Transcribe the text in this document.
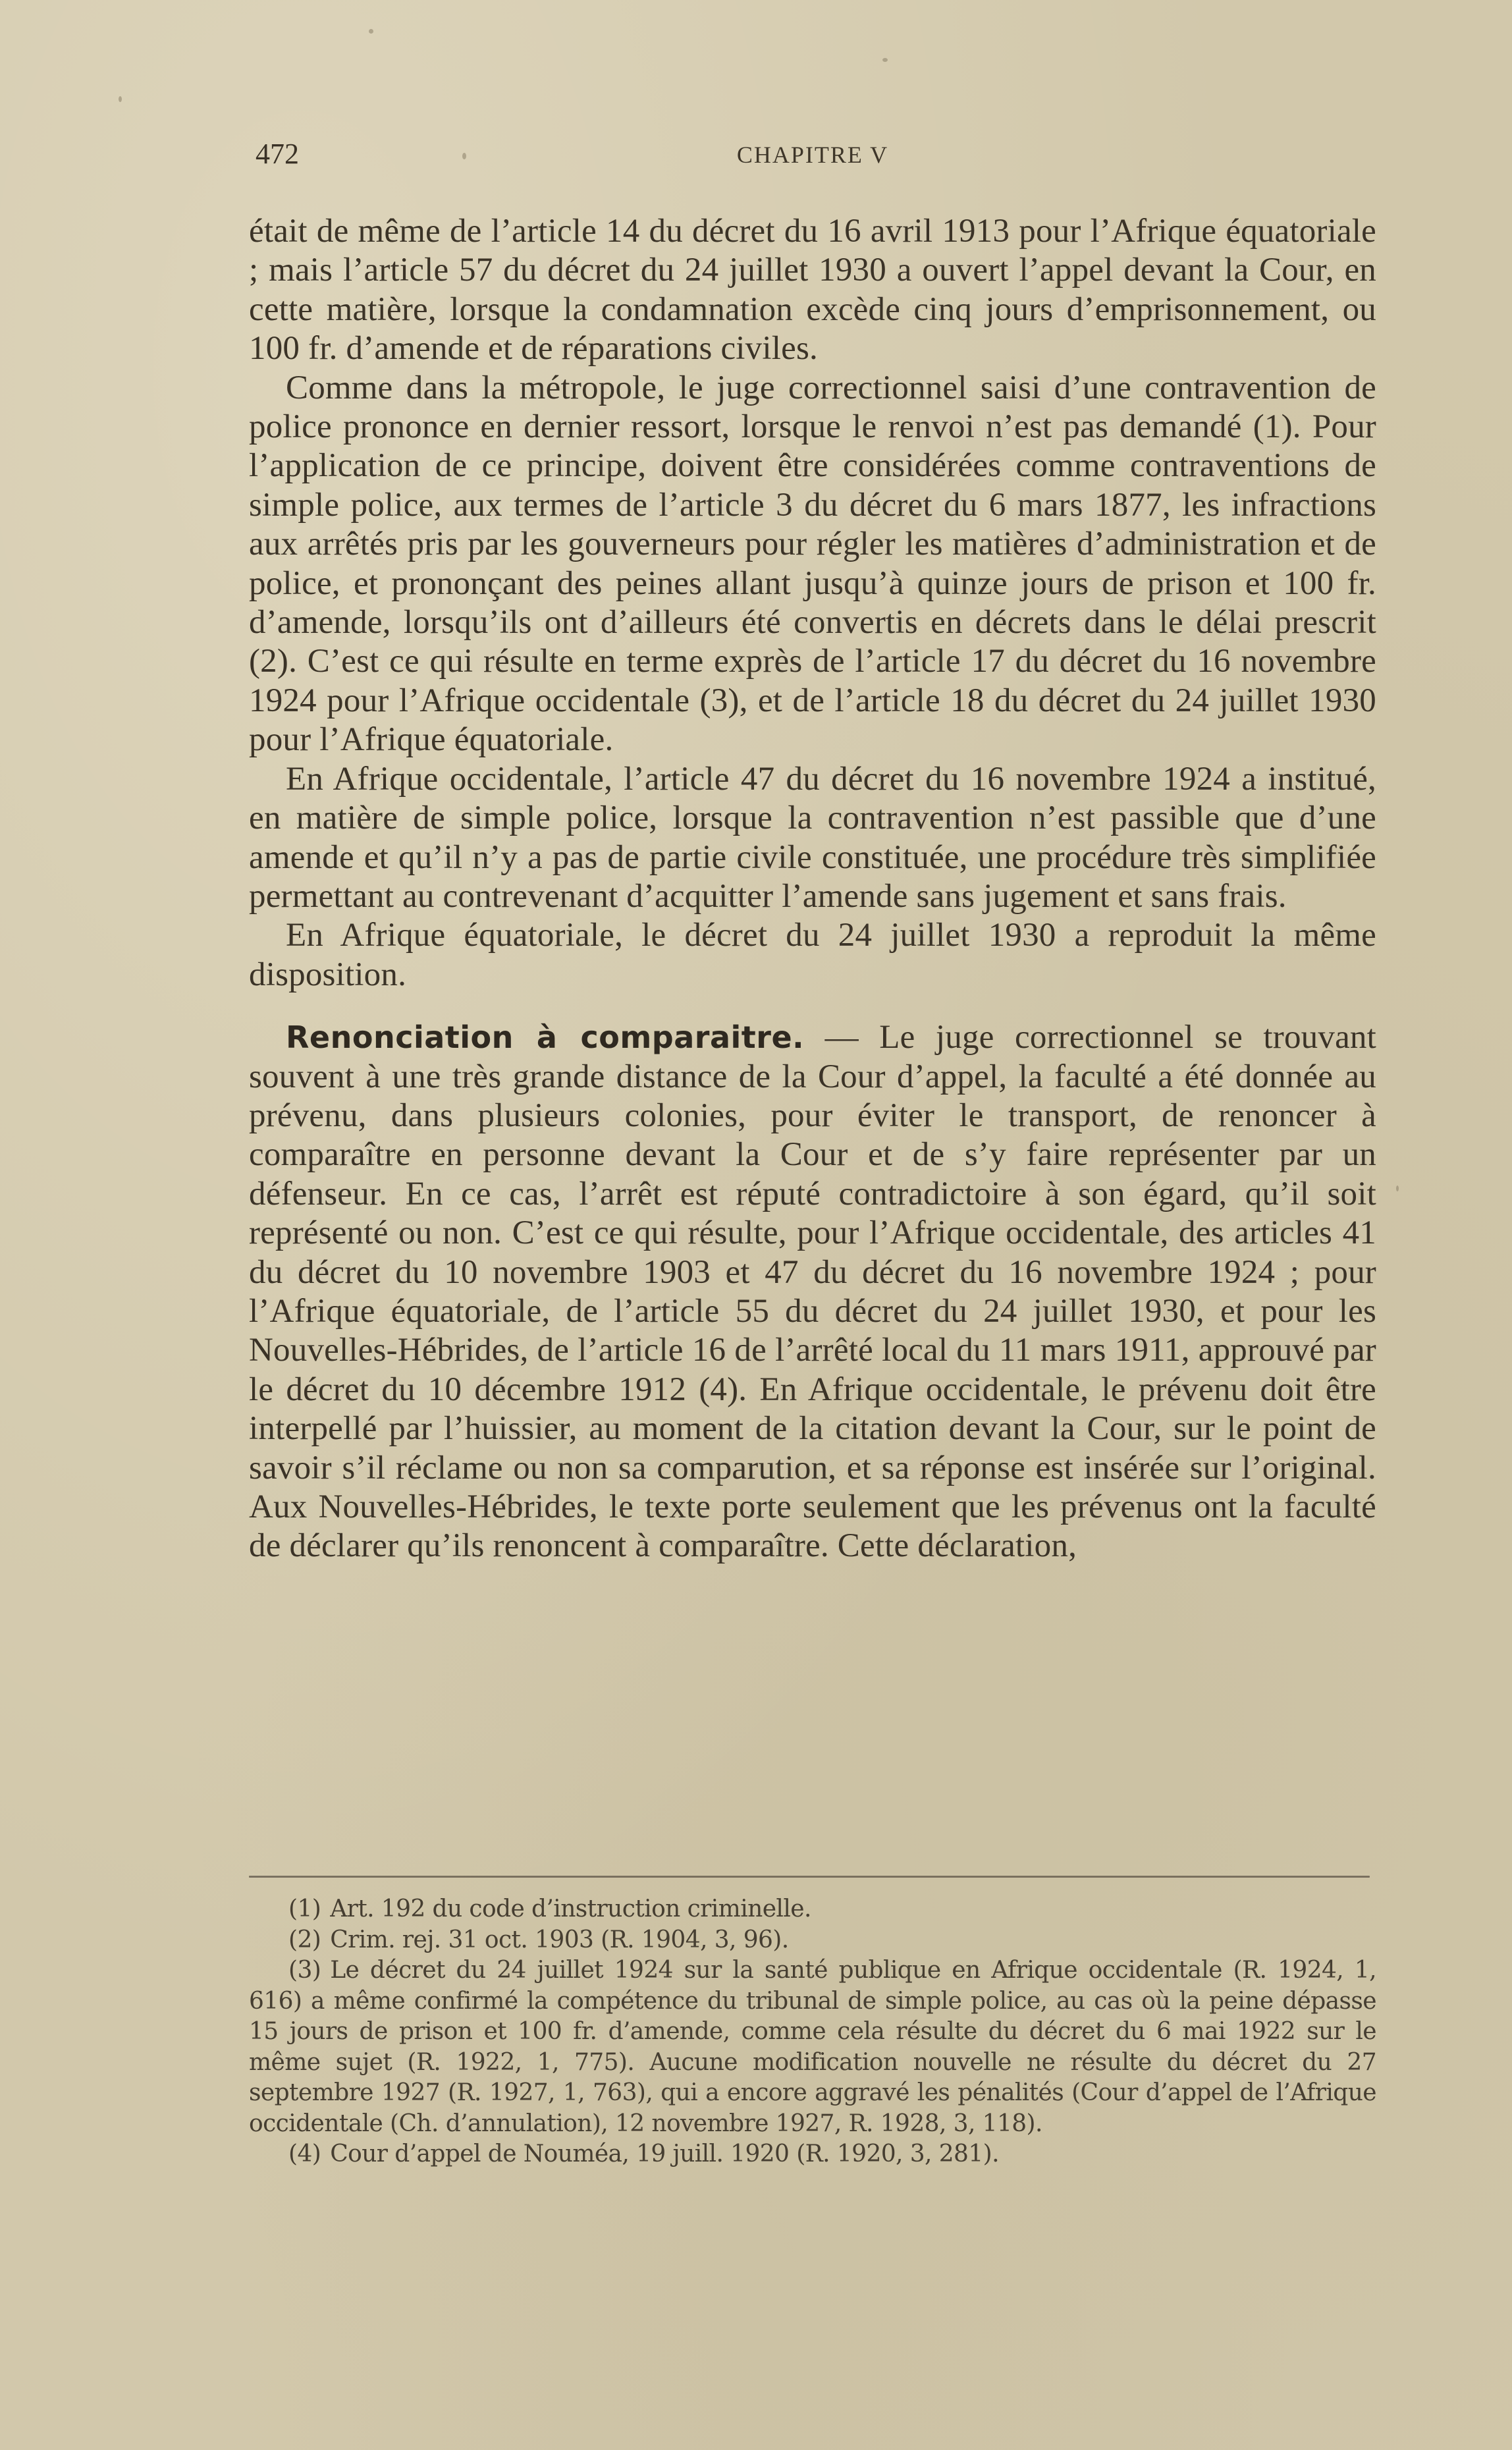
472	CHAPITRE V

était de même de l’article 14 du décret du 16 avril 1913 pour l’Afrique équatoriale ; mais l’article 57 du décret du 24 juillet 1930 a ouvert l’appel devant la Cour, en cette matière, lorsque la condamnation excède cinq jours d’emprisonnement, ou 100 fr. d’amende et de réparations civiles.

Comme dans la métropole, le juge correctionnel saisi d’une contravention de police prononce en dernier ressort, lorsque le renvoi n’est pas demandé (1). Pour l’application de ce principe, doivent être considérées comme contraventions de simple police, aux termes de l’article 3 du décret du 6 mars 1877, les infractions aux arrêtés pris par les gouverneurs pour régler les matières d’administration et de police, et prononçant des peines allant jusqu’à quinze jours de prison et 100 fr. d’amende, lorsqu’ils ont d’ailleurs été convertis en décrets dans le délai prescrit (2). C’est ce qui résulte en terme exprès de l’article 17 du décret du 16 novembre 1924 pour l’Afrique occidentale (3), et de l’article 18 du décret du 24 juillet 1930 pour l’Afrique équatoriale.

En Afrique occidentale, l’article 47 du décret du 16 novembre 1924 a institué, en matière de simple police, lorsque la contravention n’est passible que d’une amende et qu’il n’y a pas de partie civile constituée, une procédure très simplifiée permettant au contrevenant d’acquitter l’amende sans jugement et sans frais.

En Afrique équatoriale, le décret du 24 juillet 1930 a reproduit la même disposition.

Renonciation à comparaitre. — Le juge correctionnel se trouvant souvent à une très grande distance de la Cour d’appel, la faculté a été donnée au prévenu, dans plusieurs colonies, pour éviter le transport, de renoncer à comparaître en personne devant la Cour et de s’y faire représenter par un défenseur. En ce cas, l’arrêt est réputé contradictoire à son égard, qu’il soit représenté ou non. C’est ce qui résulte, pour l’Afrique occidentale, des articles 41 du décret du 10 novembre 1903 et 47 du décret du 16 novembre 1924 ; pour l’Afrique équatoriale, de l’article 55 du décret du 24 juillet 1930, et pour les Nouvelles-Hébrides, de l’article 16 de l’arrêté local du 11 mars 1911, approuvé par le décret du 10 décembre 1912 (4). En Afrique occidentale, le prévenu doit être interpellé par l’huissier, au moment de la citation devant la Cour, sur le point de savoir s’il réclame ou non sa comparution, et sa réponse est insérée sur l’original. Aux Nouvelles-Hébrides, le texte porte seulement que les prévenus ont la faculté de déclarer qu’ils renoncent à comparaître. Cette déclaration,

(1) Art. 192 du code d’instruction criminelle.

(2) Crim. rej. 31 oct. 1903 (R. 1904, 3, 96).

(3) Le décret du 24 juillet 1924 sur la santé publique en Afrique occidentale (R. 1924, 1, 616) a même confirmé la compétence du tribunal de simple police, au cas où la peine dépasse 15 jours de prison et 100 fr. d’amende, comme cela résulte du décret du 6 mai 1922 sur le même sujet (R. 1922, 1, 775). Aucune modification nouvelle ne résulte du décret du 27 septembre 1927 (R. 1927, 1, 763), qui a encore aggravé les pénalités (Cour d’appel de l’Afrique occidentale (Ch. d’annulation), 12 novembre 1927, R. 1928, 3, 118).

(4) Cour d’appel de Nouméa, 19 juill. 1920 (R. 1920, 3, 281).
